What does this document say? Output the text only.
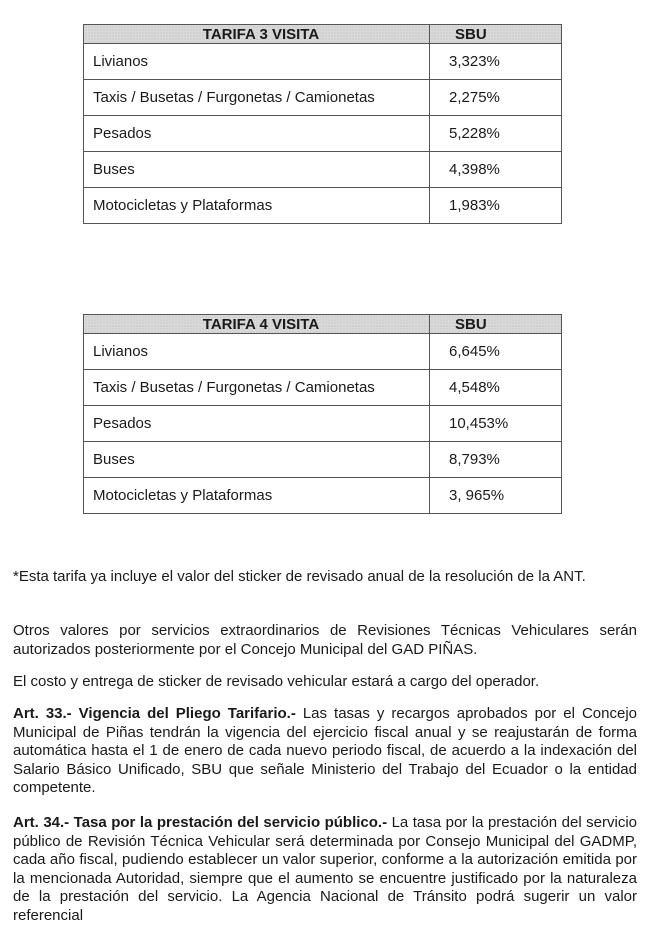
TARIFA 3 VISITA	SBU
Livianos	3,323%
Taxis / Busetas / Furgonetas / Camionetas	2,275%
Pesados	5,228%
Buses	4,398%
Motocicletas y Plataformas	1,983%
TARIFA 4 VISITA	SBU
Livianos	6,645%
Taxis / Busetas / Furgonetas / Camionetas	4,548%
Pesados	10,453%
Buses	8,793%
Motocicletas y Plataformas	3, 965%

*Esta tarifa ya incluye el valor del sticker de revisado anual de la resolución de la ANT.

Otros valores por servicios extraordinarios de Revisiones Técnicas Vehiculares serán autorizados posteriormente por el Concejo Municipal del GAD PIÑAS.

El costo y entrega de sticker de revisado vehicular estará a cargo del operador.

Art. 33.- Vigencia del Pliego Tarifario.- Las tasas y recargos aprobados por el Concejo Municipal de Piñas tendrán la vigencia del ejercicio fiscal anual y se reajustarán de forma automática hasta el 1 de enero de cada nuevo periodo fiscal, de acuerdo a la indexación del Salario Básico Unificado, SBU que señale Ministerio del Trabajo del Ecuador o la entidad competente.

Art. 34.- Tasa por la prestación del servicio público.- La tasa por la prestación del servicio público de Revisión Técnica Vehicular será determinada por Consejo Municipal del GADMP, cada año fiscal, pudiendo establecer un valor superior, conforme a la autorización emitida por la mencionada Autoridad, siempre que el aumento se encuentre justificado por la naturaleza de la prestación del servicio. La Agencia Nacional de Tránsito podrá sugerir un valor referencial
